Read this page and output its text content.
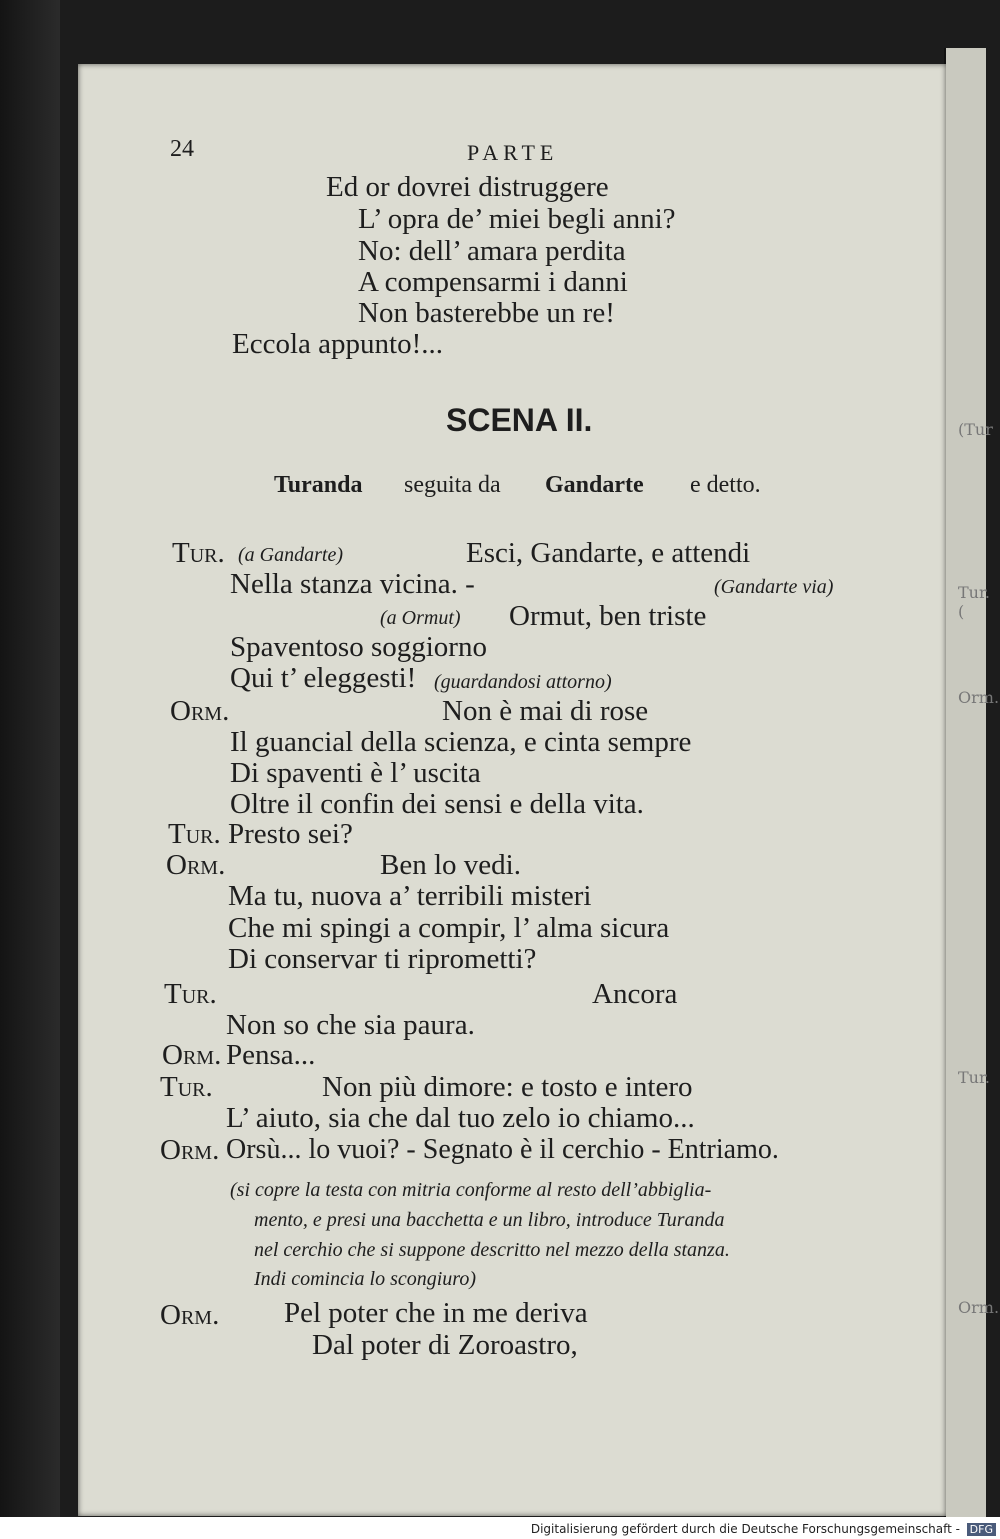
(Tur
Tur. (
Orm.
Tur.
Orm.
24	PARTE
Ed or dovrei distruggere
L’ opra de’ miei begli anni?
No: dell’ amara perdita
A compensarmi i danni
Non basterebbe un re!
Eccola appunto!...
SCENA II.
Turanda seguita da Gandarte e detto.
Tur. (a Gandarte)	Esci, Gandarte, e attendi
Nella stanza vicina. -	(Gandarte via)
(a Ormut) Ormut, ben triste
Spaventoso soggiorno
Qui t’ eleggesti! (guardandosi attorno)
Orm.	Non è mai di rose
Il guancial della scienza, e cinta sempre
Di spaventi è l’ uscita
Oltre il confin dei sensi e della vita.
Tur. Presto sei?
Orm.	Ben lo vedi.
Ma tu, nuova a’ terribili misteri
Che mi spingi a compir, l’ alma sicura
Di conservar ti riprometti?
Tur.	Ancora
Non so che sia paura.
Orm. Pensa...
Tur.	Non più dimore: e tosto e intero
L’ aiuto, sia che dal tuo zelo io chiamo...
Orm. Orsù... lo vuoi? - Segnato è il cerchio - Entriamo.
(si copre la testa con mitria conforme al resto dell’abbiglia-
mento, e presi una bacchetta e un libro, introduce Turanda
nel cerchio che si suppone descritto nel mezzo della stanza.
Indi comincia lo scongiuro)
Orm. Pel poter che in me deriva
Dal poter di Zoroastro,
Digitalisierung gefördert durch die Deutsche Forschungsgemeinschaft - DFG
